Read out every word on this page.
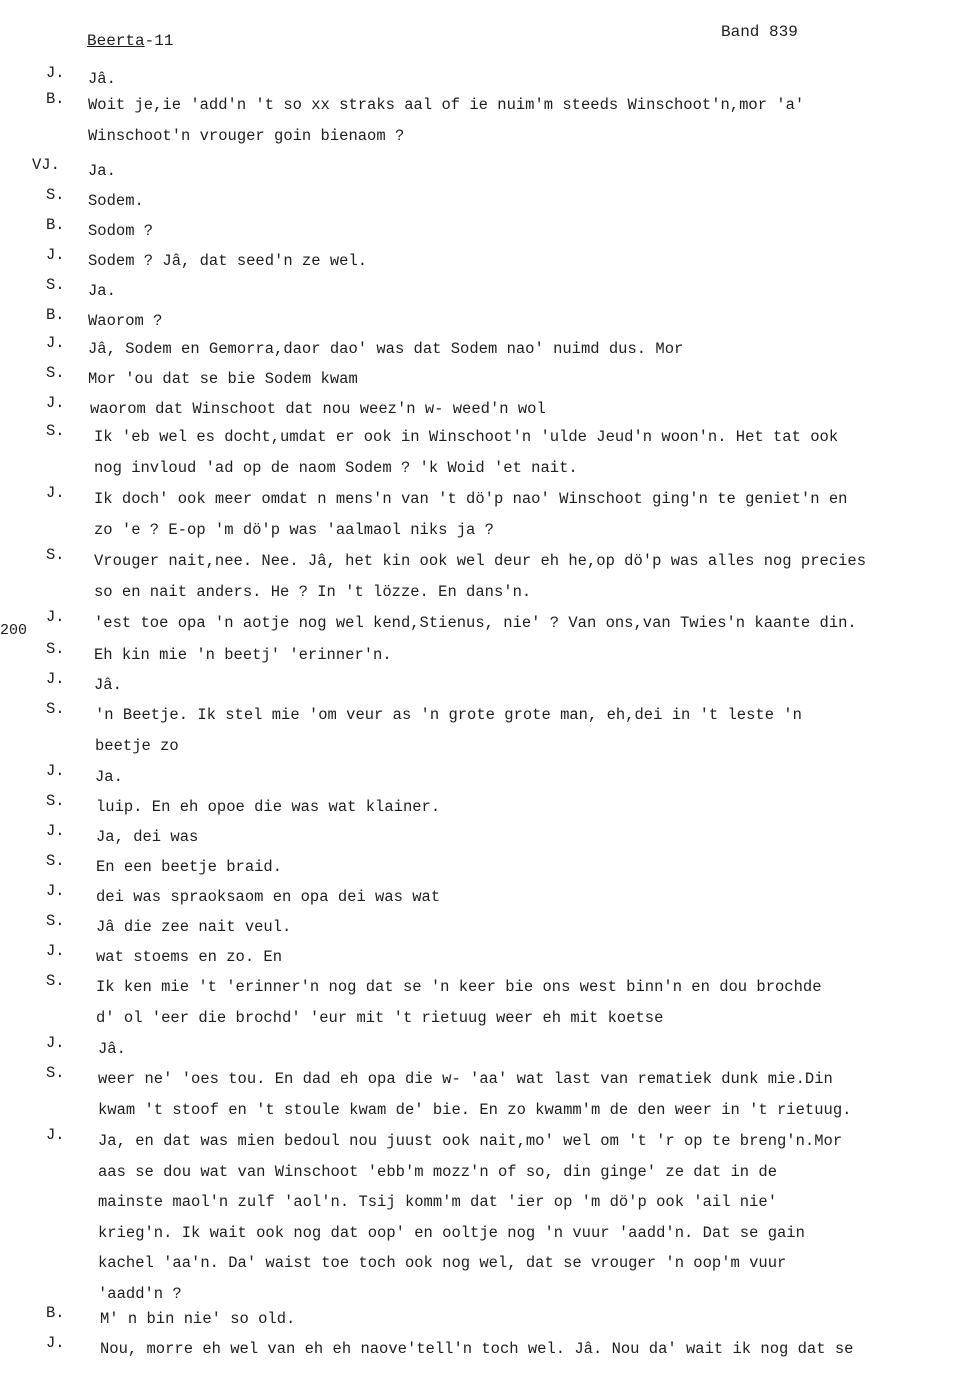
Beerta-11	Band 839
200
J. Jâ.
B. Woit je,ie 'add'n 't so xx straks aal of ie nuim'm steeds Winschoot'n,mor 'a'
Winschoot'n vrouger goin bienaom ?
VJ. Ja.
S. Sodem.
B. Sodom ?
J. Sodem ? Jâ, dat seed'n ze wel.
S. Ja.
B. Waorom ?
J. Jâ, Sodem en Gemorra,daor dao' was dat Sodem nao' nuimd dus. Mor
S. Mor 'ou dat se bie Sodem kwam
J. waorom dat Winschoot dat nou weez'n w- weed'n wol
S. Ik 'eb wel es docht,umdat er ook in Winschoot'n 'ulde Jeud'n woon'n. Het tat ook
nog invloud 'ad op de naom Sodem ? 'k Woid 'et nait.
J. Ik doch' ook meer omdat n mens'n van 't dö'p nao' Winschoot ging'n te geniet'n en
zo 'e ? E-op 'm dö'p was 'aalmaol niks ja ?
S. Vrouger nait,nee. Nee. Jâ, het kin ook wel deur eh he,op dö'p was alles nog precies
so en nait anders. He ? In 't lözze. En dans'n.
J. 'est toe opa 'n aotje nog wel kend,Stienus, nie' ? Van ons,van Twies'n kaante din.
S. Eh kin mie 'n beetj' 'erinner'n.
J. Jâ.
S. 'n Beetje. Ik stel mie 'om veur as 'n grote grote man, eh,dei in 't leste 'n
beetje zo
J. Ja.
S. luip. En eh opoe die was wat klainer.
J. Ja, dei was
S. En een beetje braid.
J. dei was spraoksaom en opa dei was wat
S. Jâ die zee nait veul.
J. wat stoems en zo. En
S. Ik ken mie 't 'erinner'n nog dat se 'n keer bie ons west binn'n en dou brochde
d' ol 'eer die brochd' 'eur mit 't rietuug weer eh mit koetse
J. Jâ.
S. weer ne' 'oes tou. En dad eh opa die w- 'aa' wat last van rematiek dunk mie.Din
kwam 't stoof en 't stoule kwam de' bie. En zo kwamm'm de den weer in 't rietuug.
J. Ja, en dat was mien bedoul nou juust ook nait,mo' wel om 't 'r op te breng'n.Mor
aas se dou wat van Winschoot 'ebb'm mozz'n of so, din ginge' ze dat in de
mainste maol'n zulf 'aol'n. Tsij komm'm dat 'ier op 'm dö'p ook 'ail nie'
krieg'n. Ik wait ook nog dat oop' en ooltje nog 'n vuur 'aadd'n. Dat se gain
kachel 'aa'n. Da' waist toe toch ook nog wel, dat se vrouger 'n oop'm vuur
'aadd'n ?
B. M' n bin nie' so old.
J. Nou, morre eh wel van eh eh naove'tell'n toch wel. Jâ. Nou da' wait ik nog dat se
